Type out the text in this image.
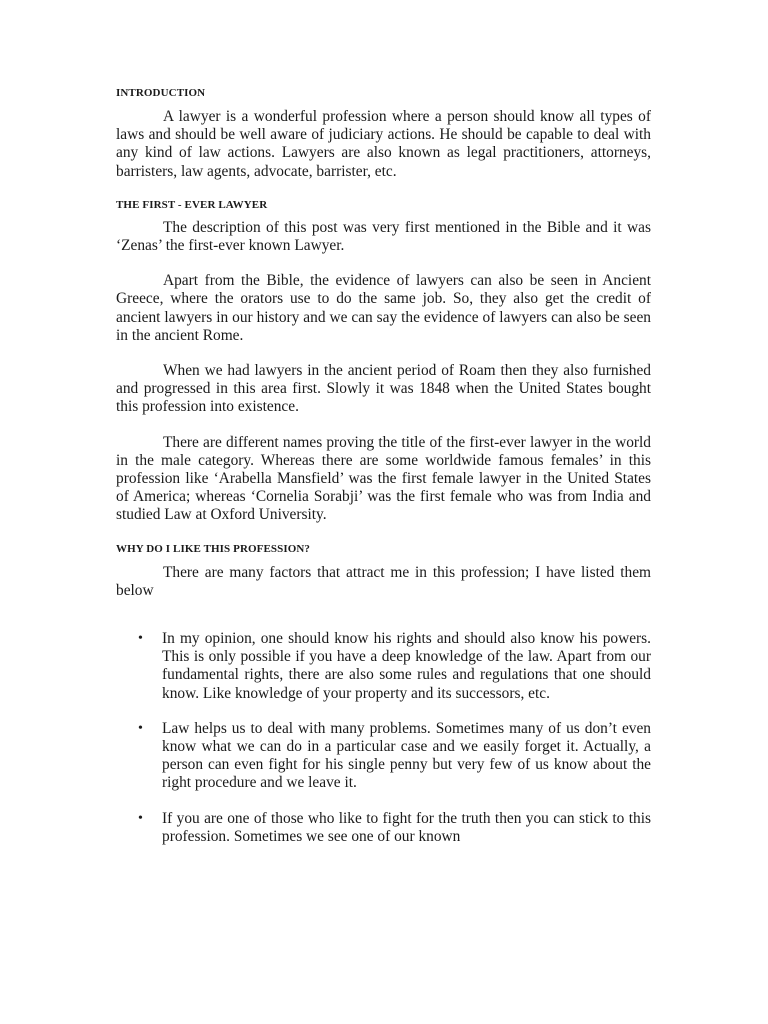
INTRODUCTION

A lawyer is a wonderful profession where a person should know all types of laws and should be well aware of judiciary actions. He should be capable to deal with any kind of law actions. Lawyers are also known as legal practitioners, attorneys, barristers, law agents, advocate, barrister, etc.

THE FIRST - EVER LAWYER

The description of this post was very first mentioned in the Bible and it was ‘Zenas’ the first-ever known Lawyer.

Apart from the Bible, the evidence of lawyers can also be seen in Ancient Greece, where the orators use to do the same job. So, they also get the credit of ancient lawyers in our history and we can say the evidence of lawyers can also be seen in the ancient Rome.

When we had lawyers in the ancient period of Roam then they also furnished and progressed in this area first. Slowly it was 1848 when the United States bought this profession into existence.

There are different names proving the title of the first-ever lawyer in the world in the male category. Whereas there are some worldwide famous females’ in this profession like ‘Arabella Mansfield’ was the first female lawyer in the United States of America; whereas ‘Cornelia Sorabji’ was the first female who was from India and studied Law at Oxford University.

WHY DO I LIKE THIS PROFESSION?

There are many factors that attract me in this profession; I have listed them below

• In my opinion, one should know his rights and should also know his powers. This is only possible if you have a deep knowledge of the law. Apart from our fundamental rights, there are also some rules and regulations that one should know. Like knowledge of your property and its successors, etc.
• Law helps us to deal with many problems. Sometimes many of us don’t even know what we can do in a particular case and we easily forget it. Actually, a person can even fight for his single penny but very few of us know about the right procedure and we leave it.
• If you are one of those who like to fight for the truth then you can stick to this profession. Sometimes we see one of our known
